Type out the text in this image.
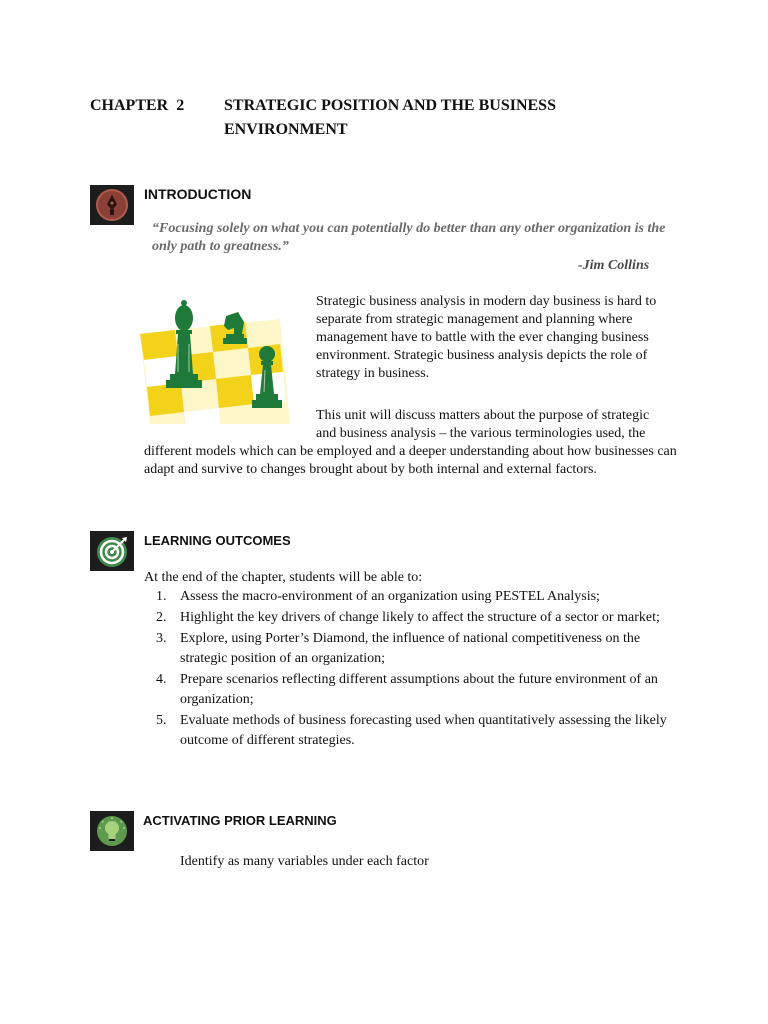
CHAPTER  2 STRATEGIC POSITION AND THE BUSINESS ENVIRONMENT
INTRODUCTION
“Focusing solely on what you can potentially do better than any other organization is the only path to greatness.”
-Jim Collins
Strategic business analysis in modern day business is hard to separate from strategic management and planning where management have to battle with the ever changing business environment. Strategic business analysis depicts the role of strategy in business.
This unit will discuss matters about the purpose of strategic
and business analysis – the various terminologies used, the
different models which can be employed and a deeper understanding about how businesses can adapt and survive to changes brought about by both internal and external factors.
LEARNING OUTCOMES
At the end of the chapter, students will be able to:
1. Assess the macro-environment of an organization using PESTEL Analysis;
2. Highlight the key drivers of change likely to affect the structure of a sector or market;
3. Explore, using Porter’s Diamond, the influence of national competitiveness on the strategic position of an organization;
4. Prepare scenarios reflecting different assumptions about the future environment of an organization;
5. Evaluate methods of business forecasting used when quantitatively assessing the likely outcome of different strategies.
ACTIVATING PRIOR LEARNING
Identify as many variables under each factor
